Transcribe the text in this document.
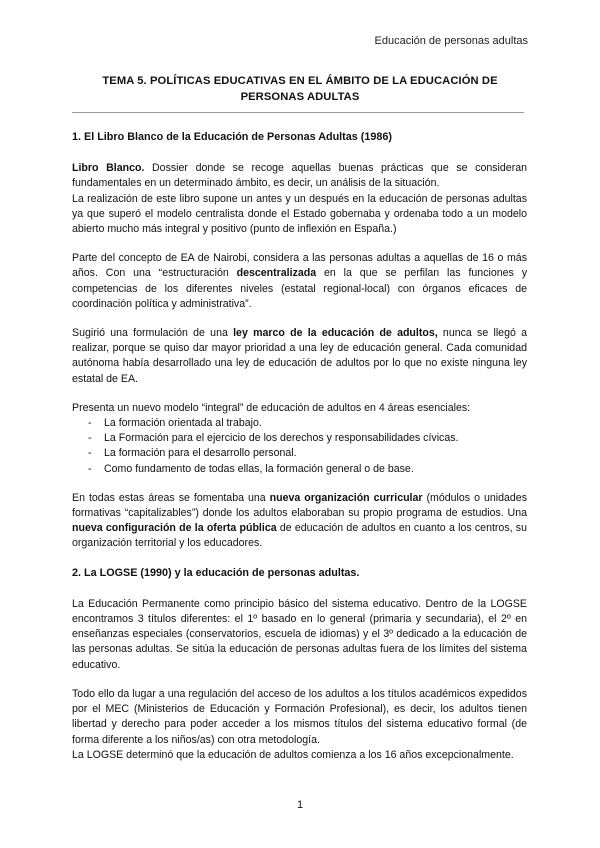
Educación de personas adultas
TEMA 5. POLÍTICAS EDUCATIVAS EN EL ÁMBITO DE LA EDUCACIÓN DE PERSONAS ADULTAS

1. El Libro Blanco de la Educación de Personas Adultas (1986)

Libro Blanco. Dossier donde se recoge aquellas buenas prácticas que se consideran fundamentales en un determinado ámbito, es decir, un análisis de la situación.

La realización de este libro supone un antes y un después en la educación de personas adultas ya que superó el modelo centralista donde el Estado gobernaba y ordenaba todo a un modelo abierto mucho más integral y positivo (punto de inflexión en España.)

Parte del concepto de EA de Nairobi, considera a las personas adultas a aquellas de 16 o más años. Con una “estructuración descentralizada en la que se perfilan las funciones y competencias de los diferentes niveles (estatal regional-local) con órganos eficaces de coordinación política y administrativa”.

Sugirió una formulación de una ley marco de la educación de adultos, nunca se llegó a realizar, porque se quiso dar mayor prioridad a una ley de educación general. Cada comunidad autónoma había desarrollado una ley de educación de adultos por lo que no existe ninguna ley estatal de EA.

Presenta un nuevo modelo “integral” de educación de adultos en 4 áreas esenciales:

- La formación orientada al trabajo.
- La Formación para el ejercicio de los derechos y responsabilidades cívicas.
- La formación para el desarrollo personal.
- Como fundamento de todas ellas, la formación general o de base.

En todas estas áreas se fomentaba una nueva organización curricular (módulos o unidades formativas “capitalizables”) donde los adultos elaboraban su propio programa de estudios. Una nueva configuración de la oferta pública de educación de adultos en cuanto a los centros, su organización territorial y los educadores.

2. La LOGSE (1990) y la educación de personas adultas.

La Educación Permanente como principio básico del sistema educativo. Dentro de la LOGSE encontramos 3 títulos diferentes: el 1º basado en lo general (primaria y secundaria), el 2º en enseñanzas especiales (conservatorios, escuela de idiomas) y el 3º dedicado a la educación de las personas adultas. Se sitúa la educación de personas adultas fuera de los límites del sistema educativo.

Todo ello da lugar a una regulación del acceso de los adultos a los títulos académicos expedidos por el MEC (Ministerios de Educación y Formación Profesional), es decir, los adultos tienen libertad y derecho para poder acceder a los mismos títulos del sistema educativo formal (de forma diferente a los niños/as) con otra metodología.

La LOGSE determinó que la educación de adultos comienza a los 16 años excepcionalmente.

1
